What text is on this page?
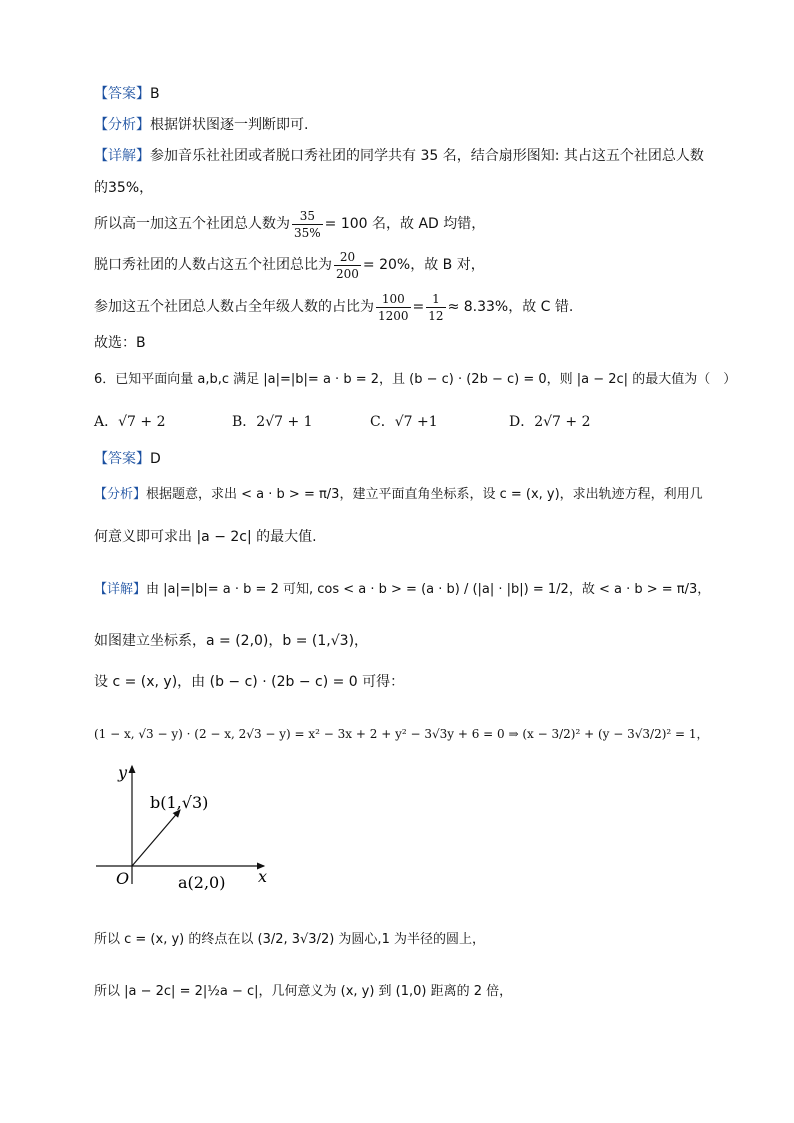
【答案】B
【分析】根据饼状图逐一判断即可.
【详解】参加音乐社社团或者脱口秀社团的同学共有 35 名，结合扇形图知: 其占这五个社团总人数
的35%，
所以高一加这五个社团总人数为 $\frac{35}{35\%} = 100$ 名，故 AD 均错，
脱口秀社团的人数占这五个社团总比为 $\frac{20}{200} = 20\%$，故 B 对，
参加这五个社团总人数占全年级人数的占比为 $\frac{100}{1200} = \frac{1}{12} \approx 8.33\%$，故 C 错.
故选：B
6．已知平面向量 a,b,c 满足 |a|=|b|= a · b = 2，且 (b − c) · (2b − c) = 0，则 |a − 2c| 的最大值为（　）
A．√7 + 2	B．2√7 + 1	C．√7 +1	D．2√7 + 2
【答案】D
【分析】根据题意，求出 < a · b > = π/3，建立平面直角坐标系，设 c = (x, y)，求出轨迹方程，利用几
何意义即可求出 |a − 2c| 的最大值.
【详解】由 |a|=|b|= a · b = 2 可知, cos < a · b > = (a · b) / (|a| · |b|) = 1/2，故 < a · b > = π/3，
如图建立坐标系，a = (2,0)，b = (1,√3)，
设 c = (x, y)，由 (b − c) · (2b − c) = 0 可得：
(1 − x, √3 − y) · (2 − x, 2√3 − y) = x² − 3x + 2 + y² − 3√3y + 6 = 0 ⇒ (x − 3/2)² + (y − 3√3/2)² = 1，
y
x
O
b(1,√3)
a(2,0)
所以 c = (x, y) 的终点在以 (3/2, 3√3/2) 为圆心,1 为半径的圆上，
所以 |a − 2c| = 2|½a − c|，几何意义为 (x, y) 到 (1,0) 距离的 2 倍，
